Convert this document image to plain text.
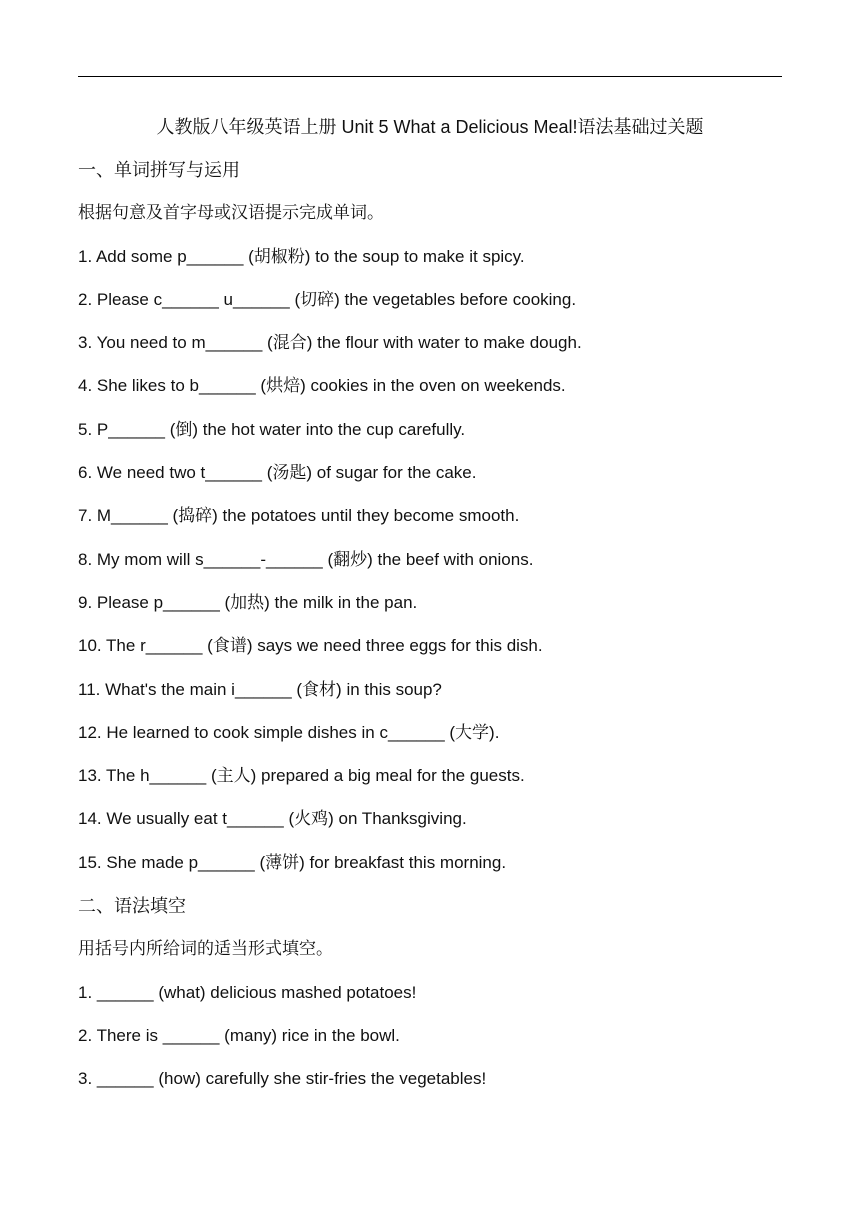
人教版八年级英语上册 Unit 5 What a Delicious Meal!语法基础过关题
一、单词拼写与运用
根据句意及首字母或汉语提示完成单词。
1. Add some p______ (胡椒粉) to the soup to make it spicy.
2. Please c______ u______ (切碎) the vegetables before cooking.
3. You need to m______ (混合) the flour with water to make dough.
4. She likes to b______ (烘焙) cookies in the oven on weekends.
5. P______ (倒) the hot water into the cup carefully.
6. We need two t______ (汤匙) of sugar for the cake.
7. M______ (捣碎) the potatoes until they become smooth.
8. My mom will s______-______ (翻炒) the beef with onions.
9. Please p______ (加热) the milk in the pan.
10. The r______ (食谱) says we need three eggs for this dish.
11. What's the main i______ (食材) in this soup?
12. He learned to cook simple dishes in c______ (大学).
13. The h______ (主人) prepared a big meal for the guests.
14. We usually eat t______ (火鸡) on Thanksgiving.
15. She made p______ (薄饼) for breakfast this morning.
二、语法填空
用括号内所给词的适当形式填空。
1. ______ (what) delicious mashed potatoes!
2. There is ______ (many) rice in the bowl.
3. ______ (how) carefully she stir-fries the vegetables!
